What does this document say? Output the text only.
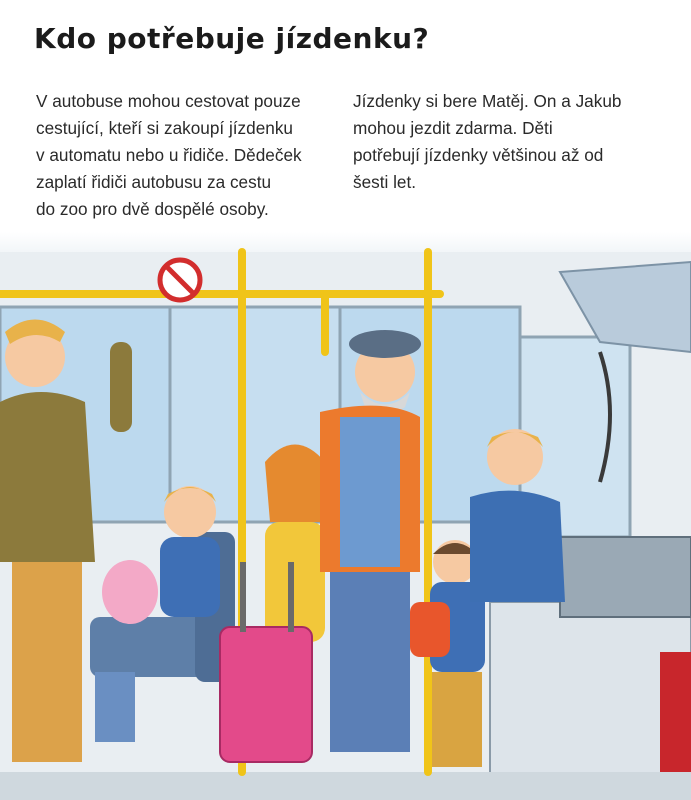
Kdo potřebuje jízdenku?
V autobuse mohou cestovat pouze
cestující, kteří si zakoupí jízdenku
v automatu nebo u řidiče. Dědeček
zaplatí řidiči autobusu za cestu
do zoo pro dvě dospělé osoby.
Jízdenky si bere Matěj. On a Jakub
mohou jezdit zdarma. Děti
potřebují jízdenky většinou až od
šesti let.
